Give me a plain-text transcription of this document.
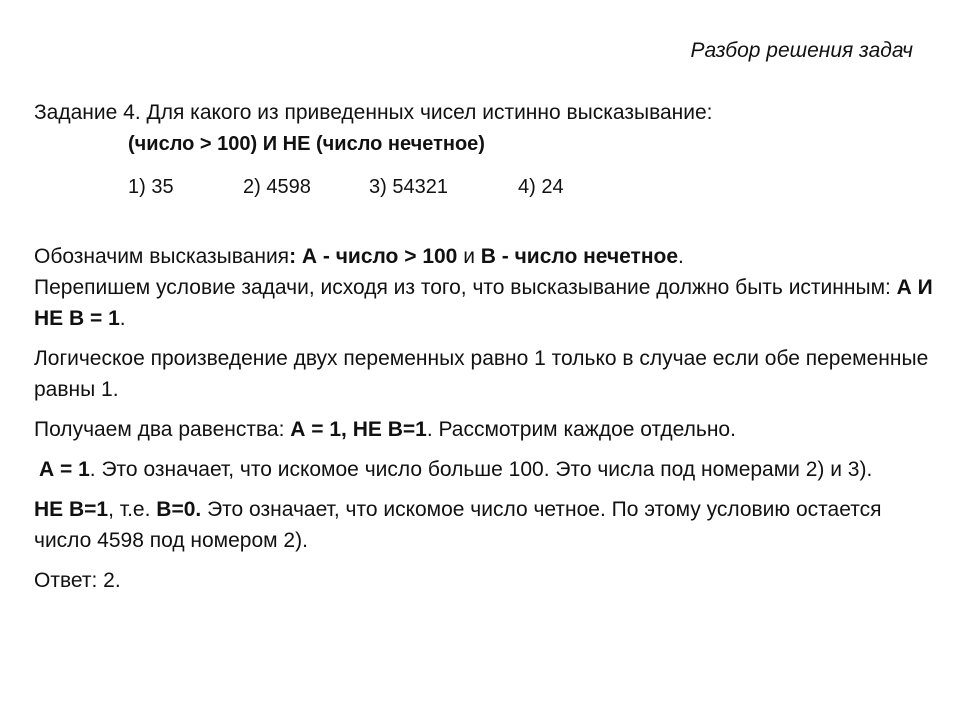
Разбор решения задач
Задание 4. Для какого из приведенных чисел истинно высказывание:
(число > 100) И НЕ (число нечетное)
1) 35	2) 4598	3) 54321	4) 24

Обозначим высказывания: А - число > 100 и В - число нечетное.

Перепишем условие задачи, исходя из того, что высказывание должно быть истинным: А И НЕ В = 1.

Логическое произведение двух переменных равно 1 только в случае если обе переменные равны 1.

Получаем два равенства: А = 1, НЕ В=1. Рассмотрим каждое отдельно.

А = 1. Это означает, что искомое число больше 100. Это числа под номерами 2) и 3).

НЕ В=1, т.е. В=0. Это означает, что искомое число четное. По этому условию остается число 4598 под номером 2).

Ответ: 2.
